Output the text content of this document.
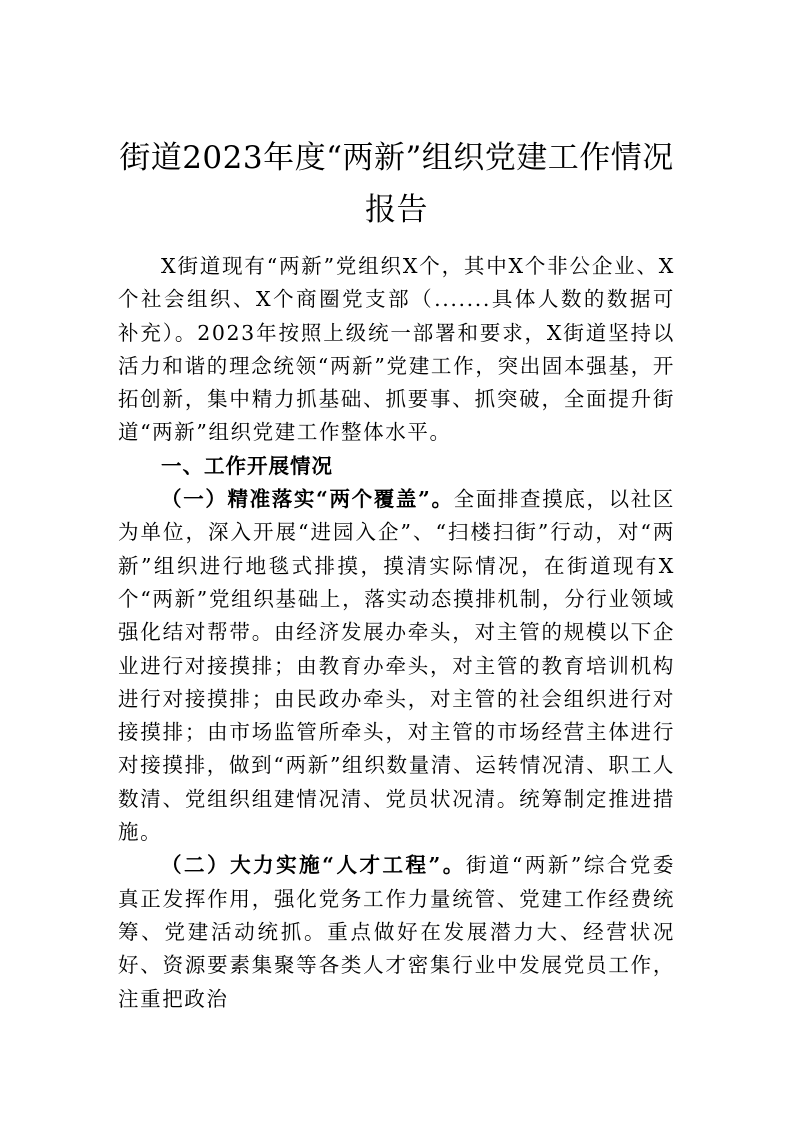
街道2023年度“两新”组织党建工作情况报告

X街道现有“两新”党组织X个，其中X个非公企业、X个社会组织、X个商圈党支部（.......具体人数的数据可补充）。2023年按照上级统一部署和要求，X街道坚持以活力和谐的理念统领“两新”党建工作，突出固本强基，开拓创新，集中精力抓基础、抓要事、抓突破，全面提升街道“两新”组织党建工作整体水平。

一、工作开展情况

（一）精准落实“两个覆盖”。全面排查摸底，以社区为单位，深入开展“进园入企”、“扫楼扫街”行动，对“两新”组织进行地毯式排摸，摸清实际情况，在街道现有X个“两新”党组织基础上，落实动态摸排机制，分行业领域强化结对帮带。由经济发展办牵头，对主管的规模以下企业进行对接摸排；由教育办牵头，对主管的教育培训机构进行对接摸排；由民政办牵头，对主管的社会组织进行对接摸排；由市场监管所牵头，对主管的市场经营主体进行对接摸排，做到“两新”组织数量清、运转情况清、职工人数清、党组织组建情况清、党员状况清。统筹制定推进措施。

（二）大力实施“人才工程”。街道“两新”综合党委真正发挥作用，强化党务工作力量统管、党建工作经费统筹、党建活动统抓。重点做好在发展潜力大、经营状况好、资源要素集聚等各类人才密集行业中发展党员工作，注重把政治
